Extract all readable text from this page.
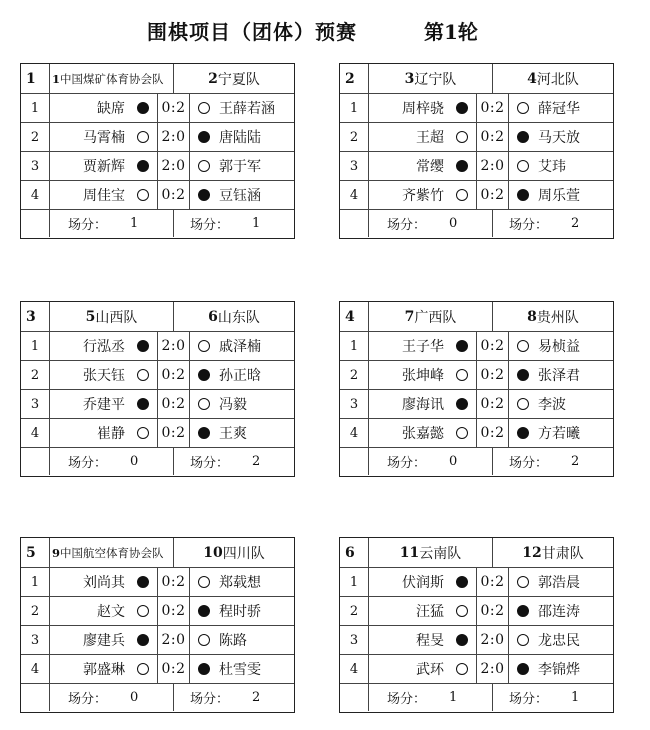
围棋项目（团体）预赛	第1轮
1	1 中国煤矿体育协会队	2 宁夏队
1	缺席	0:2 王薛若涵
2	马霄楠	2:0 唐陆陆
3	贾新辉	2:0 郭于军
4	周佳宝	0:2 豆钰涵
场分：	1	场分：	1
2	3 辽宁队	4 河北队
1	周梓骁	0:2 薛冠华
2	王超	0:2 马天放
3	常缨	2:0 艾玮
4	齐紫竹	0:2 周乐萱
场分：	0	场分：	2
3	5 山西队	6 山东队
1	行泓丞	2:0 戚泽楠
2	张天钰	0:2 孙正晗
3	乔建平	0:2 冯毅
4	崔静	0:2 王爽
场分：	0	场分：	2
4	7 广西队	8 贵州队
1	王子华	0:2 易桢益
2	张坤峰	0:2 张泽君
3	廖海讯	0:2 李波
4	张嘉懿	0:2 方若曦
场分：	0	场分：	2
5	9 中国航空体育协会队	10 四川队
1	刘尚其	0:2 郑载想
2	赵文	0:2 程时骄
3	廖建兵	2:0 陈路
4	郭盛琳	0:2 杜雪雯
场分：	0	场分：	2
6	11 云南队	12 甘肃队
1	伏润斯	0:2 郭浩晨
2	汪猛	0:2 邵连涛
3	程旻	2:0 龙忠民
4	武环	2:0 李锦烨
场分：	1	场分：	1
